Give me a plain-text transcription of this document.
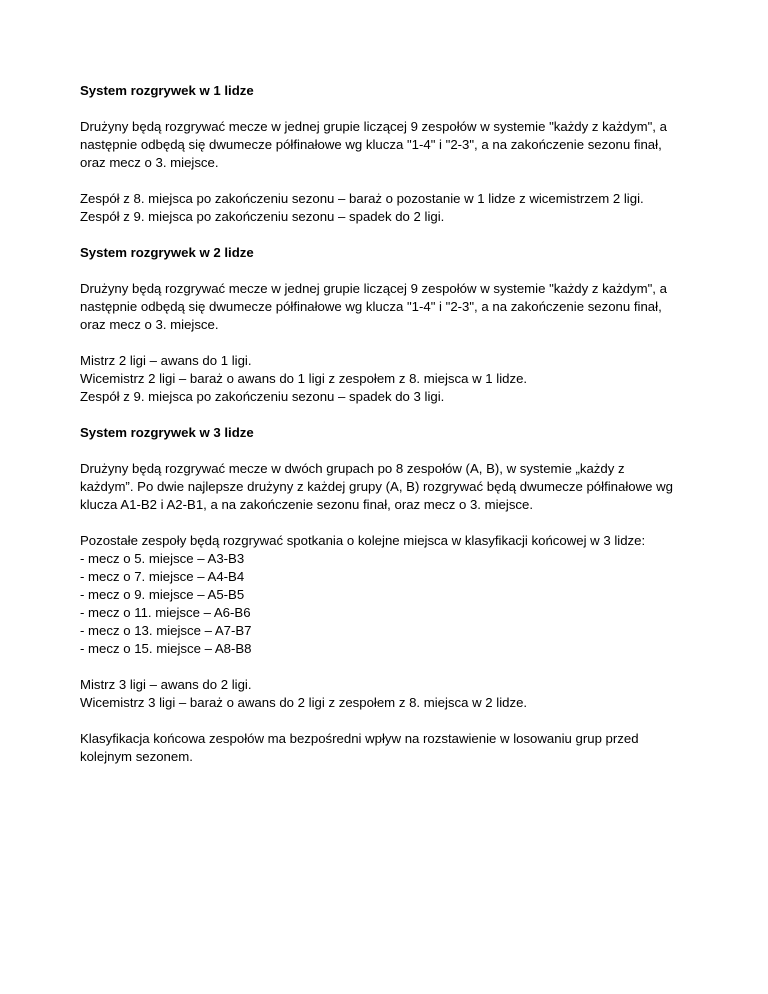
System rozgrywek w 1 lidze
Drużyny będą rozgrywać mecze w jednej grupie liczącej 9 zespołów w systemie "każdy z każdym", a
następnie odbędą się dwumecze półfinałowe wg klucza "1-4" i "2-3", a na zakończenie sezonu finał,
oraz mecz o 3. miejsce.
Zespół z 8. miejsca po zakończeniu sezonu – baraż o pozostanie w 1 lidze z wicemistrzem 2 ligi.
Zespół z 9. miejsca po zakończeniu sezonu – spadek do 2 ligi.
System rozgrywek w 2 lidze
Drużyny będą rozgrywać mecze w jednej grupie liczącej 9 zespołów w systemie "każdy z każdym", a
następnie odbędą się dwumecze półfinałowe wg klucza "1-4" i "2-3", a na zakończenie sezonu finał,
oraz mecz o 3. miejsce.
Mistrz 2 ligi – awans do 1 ligi.
Wicemistrz 2 ligi – baraż o awans do 1 ligi z zespołem z 8. miejsca w 1 lidze.
Zespół z 9. miejsca po zakończeniu sezonu – spadek do 3 ligi.
System rozgrywek w 3 lidze
Drużyny będą rozgrywać mecze w dwóch grupach po 8 zespołów (A, B), w systemie „każdy z
każdym”. Po dwie najlepsze drużyny z każdej grupy (A, B) rozgrywać będą dwumecze półfinałowe wg
klucza A1-B2 i A2-B1, a na zakończenie sezonu finał, oraz mecz o 3. miejsce.
Pozostałe zespoły będą rozgrywać spotkania o kolejne miejsca w klasyfikacji końcowej w 3 lidze:
- mecz o 5. miejsce – A3-B3
- mecz o 7. miejsce – A4-B4
- mecz o 9. miejsce – A5-B5
- mecz o 11. miejsce – A6-B6
- mecz o 13. miejsce – A7-B7
- mecz o 15. miejsce – A8-B8
Mistrz 3 ligi – awans do 2 ligi.
Wicemistrz 3 ligi – baraż o awans do 2 ligi z zespołem z 8. miejsca w 2 lidze.
Klasyfikacja końcowa zespołów ma bezpośredni wpływ na rozstawienie w losowaniu grup przed
kolejnym sezonem.
